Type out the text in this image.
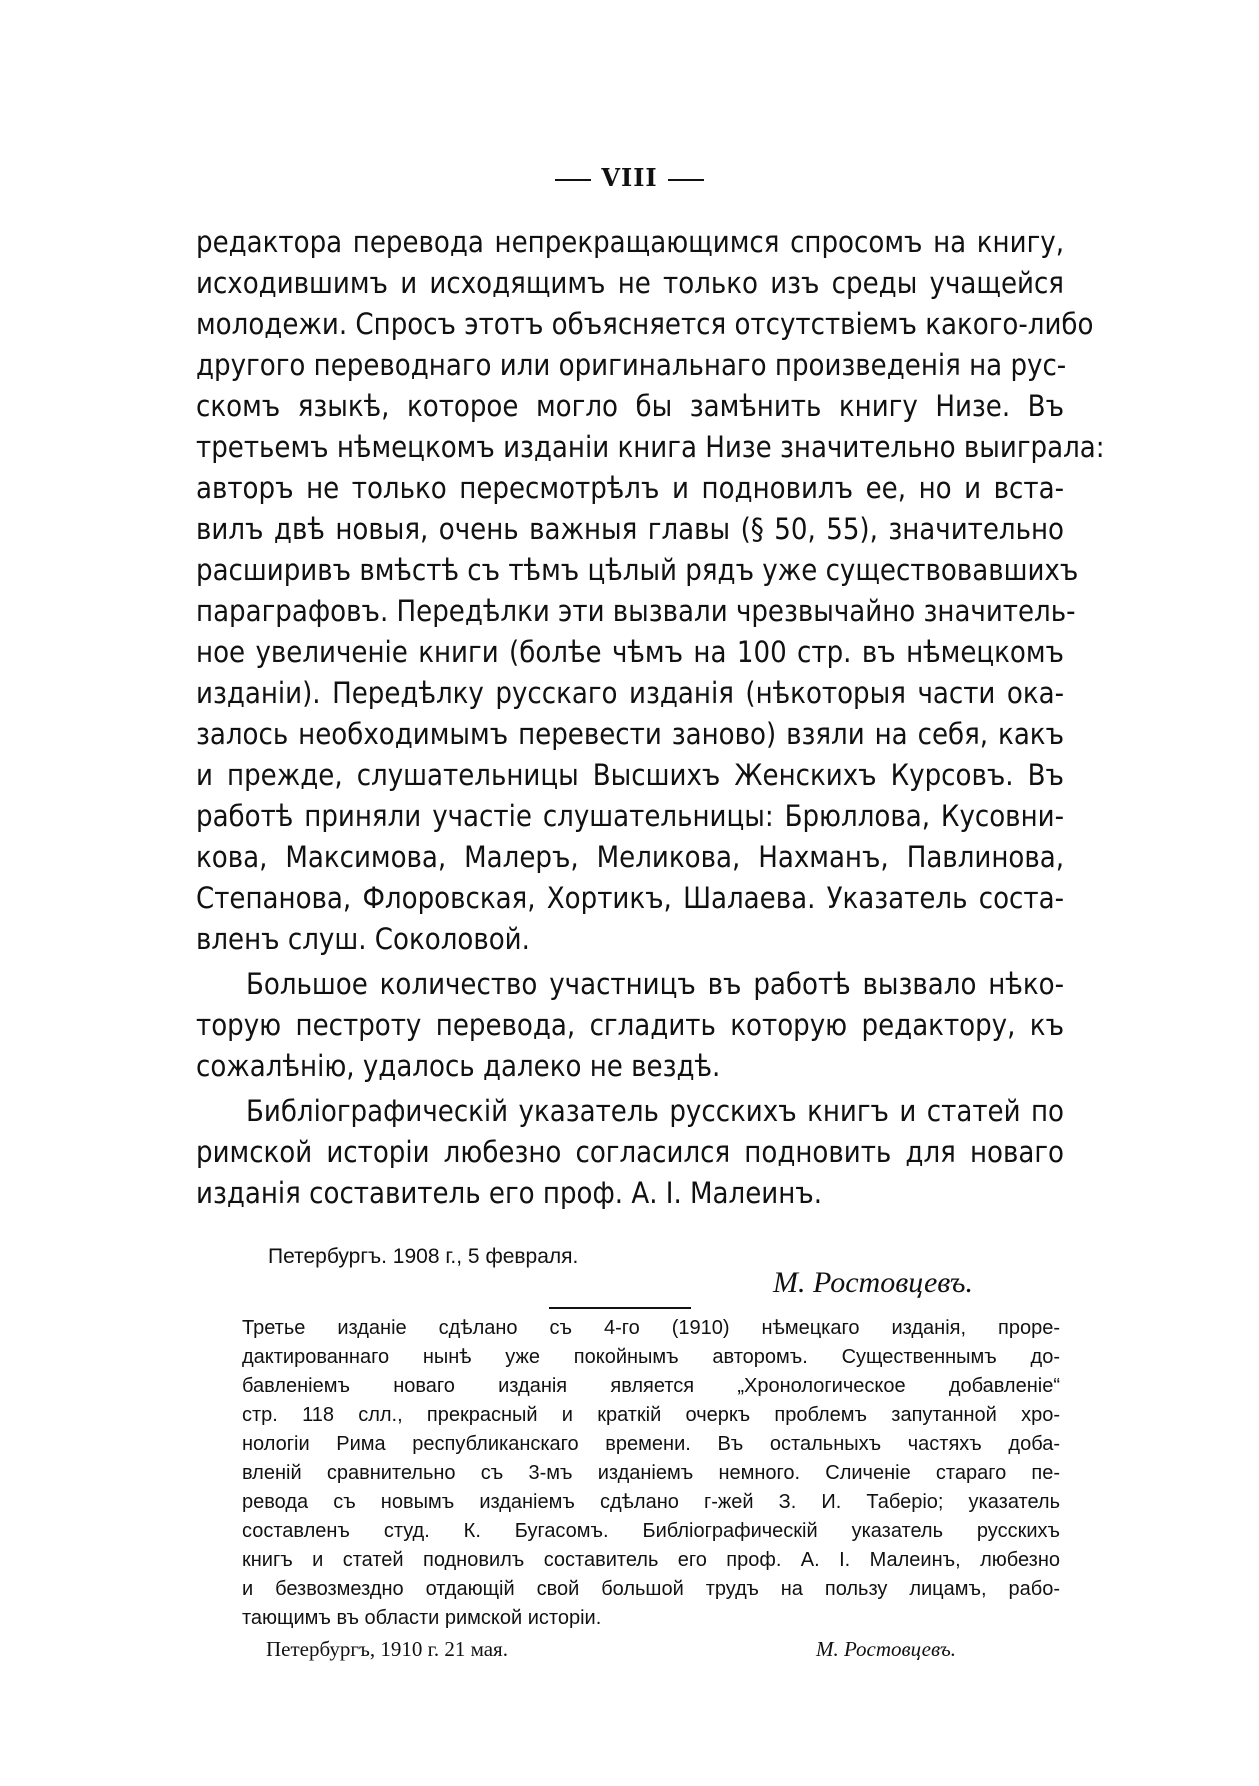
VIII
редактора перевода непрекращающимся спросомъ на книгу,
исходившимъ и исходящимъ не только изъ среды учащейся
молодежи. Спросъ этотъ объясняется отсутствіемъ какого-либо
другого переводнаго или оригинальнаго произведенія на рус-
скомъ языкѣ, которое могло бы замѣнить книгу Низе. Въ
третьемъ нѣмецкомъ изданіи книга Низе значительно выиграла:
авторъ не только пересмотрѣлъ и подновилъ ее, но и вста-
вилъ двѣ новыя, очень важныя главы (§ 50, 55), значительно
расширивъ вмѣстѣ съ тѣмъ цѣлый рядъ уже существовавшихъ
параграфовъ. Передѣлки эти вызвали чрезвычайно значитель-
ное увеличеніе книги (болѣе чѣмъ на 100 стр. въ нѣмецкомъ
изданіи). Передѣлку русскаго изданія (нѣкоторыя части ока-
залось необходимымъ перевести заново) взяли на себя, какъ
и прежде, слушательницы Высшихъ Женскихъ Курсовъ. Въ
работѣ приняли участіе слушательницы: Брюллова, Кусовни-
кова, Максимова, Малеръ, Меликова, Нахманъ, Павлинова,
Степанова, Флоровская, Хортикъ, Шалаева. Указатель соста-
вленъ слуш. Соколовой.
Большое количество участницъ въ работѣ вызвало нѣко-
торую пестроту перевода, сгладить которую редактору, къ
сожалѣнію, удалось далеко не вездѣ.
Библіографическій указатель русскихъ книгъ и статей по
римской исторіи любезно согласился подновить для новаго
изданія составитель его проф. А. I. Малеинъ.
Петербургъ. 1908 г., 5 февраля.
М. Ростовцевъ.
Третье изданіе сдѣлано съ 4-го (1910) нѣмецкаго изданія, проре-
дактированнаго нынѣ уже покойнымъ авторомъ. Существеннымъ до-
бавленіемъ новаго изданія является „Хронологическое добавленіе“
стр. 118 слл., прекрасный и краткій очеркъ проблемъ запутанной хро-
нологіи Рима республиканскаго времени. Въ остальныхъ частяхъ доба-
вленій сравнительно съ 3-мъ изданіемъ немного. Сличеніе стараго пе-
ревода съ новымъ изданіемъ сдѣлано г-жей З. И. Таберіо; указатель
составленъ студ. К. Бугасомъ. Библіографическій указатель русскихъ
книгъ и статей подновилъ составитель его проф. А. I. Малеинъ, любезно
и безвозмездно отдающій свой большой трудъ на пользу лицамъ, рабо-
тающимъ въ области римской исторіи.
Петербургъ, 1910 г. 21 мая.	М. Ростовцевъ.
